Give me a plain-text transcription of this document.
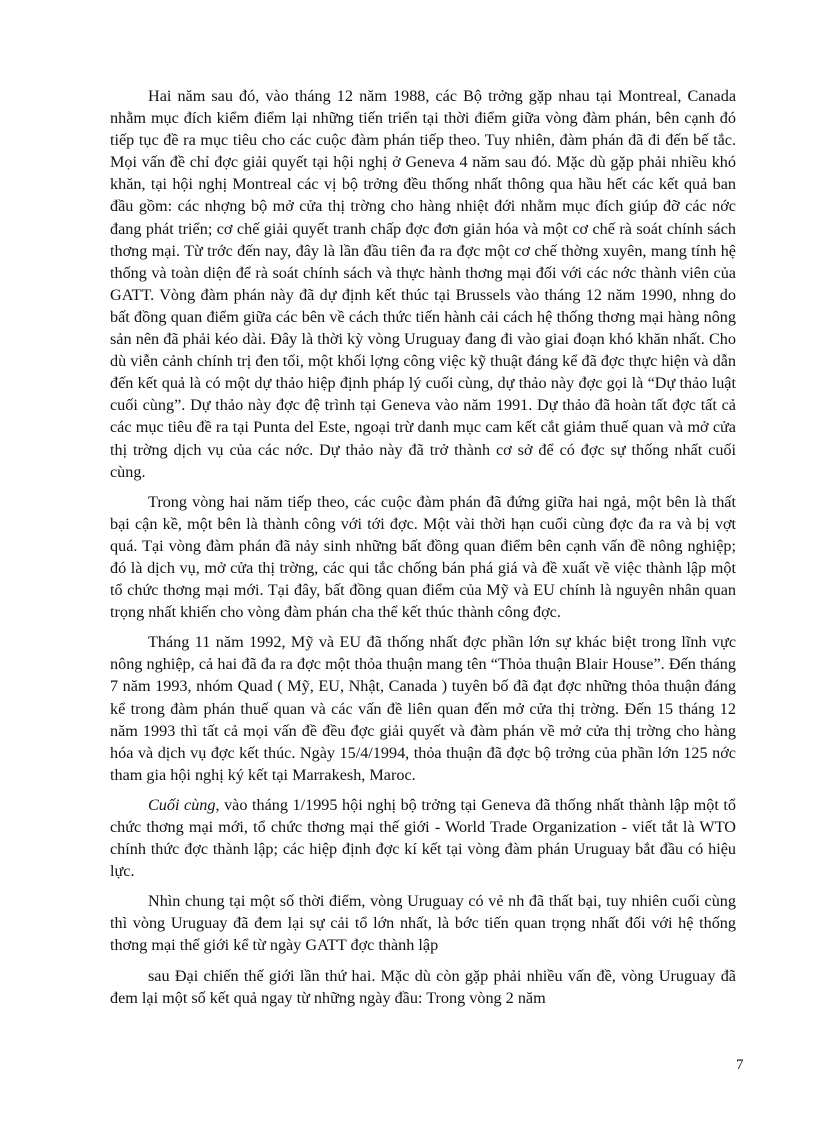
Hai năm sau đó, vào tháng 12 năm 1988, các Bộ trởng gặp nhau tại Montreal, Canada nhằm mục đích kiểm điểm lại những tiến triển tại thời điểm giữa vòng đàm phán, bên cạnh đó tiếp tục đề ra mục tiêu cho các cuộc đàm phán tiếp theo. Tuy nhiên, đàm phán đã đi đến bế tắc. Mọi vấn đề chỉ đợc giải quyết tại hội nghị ở Geneva 4 năm sau đó. Mặc dù gặp phải nhiều khó khăn, tại hội nghị Montreal các vị bộ trởng đều thống nhất thông qua hầu hết các kết quả ban đầu gồm: các nhợng bộ mở cửa thị trờng cho hàng nhiệt đới nhằm mục đích giúp đỡ các nớc đang phát triển; cơ chế giải quyết tranh chấp đợc đơn giản hóa và một cơ chế rà soát chính sách thơng mại. Từ trớc đến nay, đây là lần đầu tiên đa ra đợc một cơ chế thờng xuyên, mang tính hệ thống và toàn diện để rà soát chính sách và thực hành thơng mại đối với các nớc thành viên của GATT. Vòng đàm phán này đã dự định kết thúc tại Brussels vào tháng 12 năm 1990, nhng do bất đồng quan điểm giữa các bên về cách thức tiến hành cải cách hệ thống thơng mại hàng nông sản nên đã phải kéo dài. Đây là thời kỳ vòng Uruguay đang đi vào giai đoạn khó khăn nhất. Cho dù viễn cảnh chính trị đen tối, một khối lợng công việc kỹ thuật đáng kể đã đợc thực hiện và dẫn đến kết quả là có một dự thảo hiệp định pháp lý cuối cùng, dự thảo này đợc gọi là “Dự thảo luật cuối cùng”. Dự thảo này đợc đệ trình tại Geneva vào năm 1991. Dự thảo đã hoàn tất đợc tất cả các mục tiêu đề ra tại Punta del Este, ngoại trừ danh mục cam kết cắt giảm thuế quan và mở cửa thị trờng dịch vụ của các nớc. Dự thảo này đã trở thành cơ sở để có đợc sự thống nhất cuối cùng.

Trong vòng hai năm tiếp theo, các cuộc đàm phán đã đứng giữa hai ngả, một bên là thất bại cận kề, một bên là thành công với tới đợc. Một vài thời hạn cuối cùng đợc đa ra và bị vợt quá. Tại vòng đàm phán đã nảy sinh những bất đồng quan điểm bên cạnh vấn đề nông nghiệp; đó là dịch vụ, mở cửa thị trờng, các qui tắc chống bán phá giá và đề xuất về việc thành lập một tổ chức thơng mại mới. Tại đây, bất đồng quan điểm của Mỹ và EU chính là nguyên nhân quan trọng nhất khiến cho vòng đàm phán cha thể kết thúc thành công đợc.

Tháng 11 năm 1992, Mỹ và EU đã thống nhất đợc phần lớn sự khác biệt trong lĩnh vực nông nghiệp, cả hai đã đa ra đợc một thỏa thuận mang tên “Thỏa thuận Blair House”. Đến tháng 7 năm 1993, nhóm Quad ( Mỹ, EU, Nhật, Canada ) tuyên bố đã đạt đợc những thỏa thuận đáng kể trong đàm phán thuế quan và các vấn đề liên quan đến mở cửa thị trờng. Đến 15 tháng 12 năm 1993 thì tất cả mọi vấn đề đều đợc giải quyết và đàm phán về mở cửa thị trờng cho hàng hóa và dịch vụ đợc kết thúc. Ngày 15/4/1994, thỏa thuận đã đợc bộ trởng của phần lớn 125 nớc tham gia hội nghị ký kết tại Marrakesh, Maroc.

Cuối cùng, vào tháng 1/1995 hội nghị bộ trởng tại Geneva đã thống nhất thành lập một tổ chức thơng mại mới, tổ chức thơng mại thế giới - World Trade Organization - viết tắt là WTO chính thức đợc thành lập; các hiệp định đợc kí kết tại vòng đàm phán Uruguay bắt đầu có hiệu lực.

Nhìn chung tại một số thời điểm, vòng Uruguay có vẻ nh đã thất bại, tuy nhiên cuối cùng thì vòng Uruguay đã đem lại sự cải tổ lớn nhất, là bớc tiến quan trọng nhất đối với hệ thống thơng mại thế giới kể từ ngày GATT đợc thành lập

sau Đại chiến thế giới lần thứ hai. Mặc dù còn gặp phải nhiều vấn đề, vòng Uruguay đã đem lại một số kết quả ngay từ những ngày đầu: Trong vòng 2 năm

7
